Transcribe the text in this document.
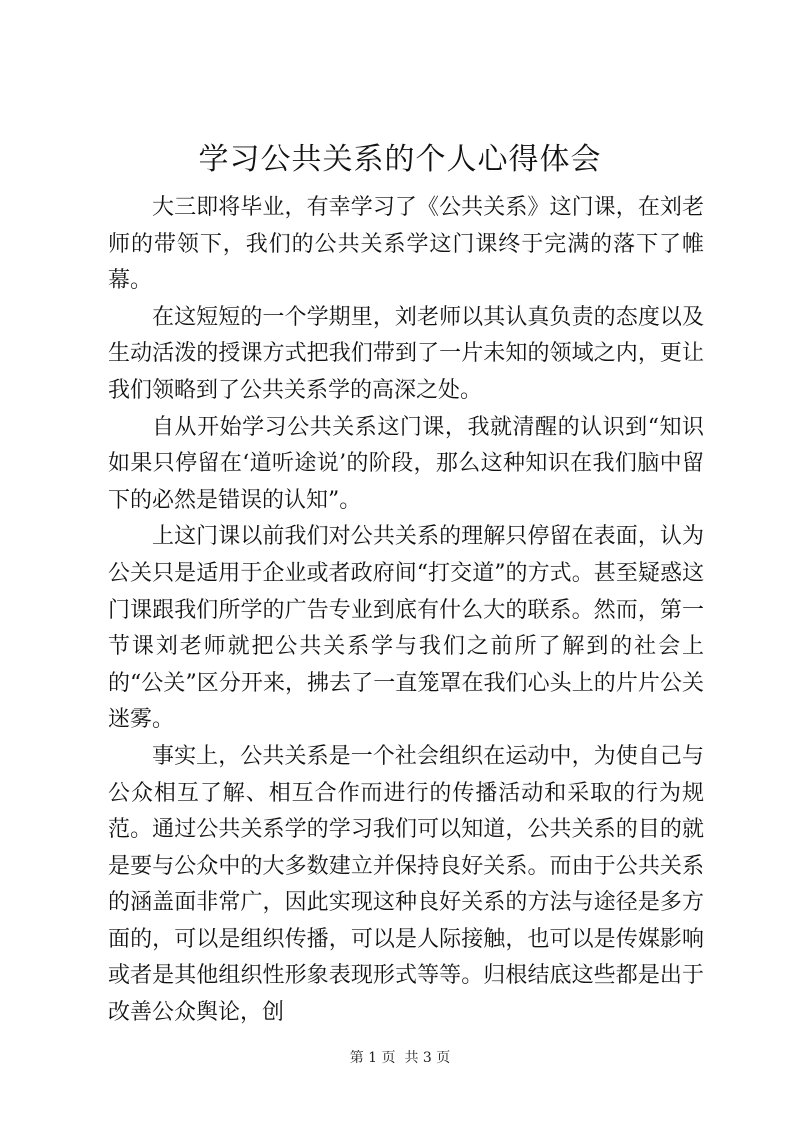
学习公共关系的个人心得体会

大三即将毕业，有幸学习了《公共关系》这门课，在刘老师的带领下，我们的公共关系学这门课终于完满的落下了帷幕。

在这短短的一个学期里，刘老师以其认真负责的态度以及生动活泼的授课方式把我们带到了一片未知的领域之内，更让我们领略到了公共关系学的高深之处。

自从开始学习公共关系这门课，我就清醒的认识到“知识如果只停留在‘道听途说’的阶段，那么这种知识在我们脑中留下的必然是错误的认知”。

上这门课以前我们对公共关系的理解只停留在表面，认为公关只是适用于企业或者政府间“打交道”的方式。甚至疑惑这门课跟我们所学的广告专业到底有什么大的联系。然而，第一节课刘老师就把公共关系学与我们之前所了解到的社会上的“公关”区分开来，拂去了一直笼罩在我们心头上的片片公关迷雾。

事实上，公共关系是一个社会组织在运动中，为使自己与公众相互了解、相互合作而进行的传播活动和采取的行为规范。通过公共关系学的学习我们可以知道，公共关系的目的就是要与公众中的大多数建立并保持良好关系。而由于公共关系的涵盖面非常广，因此实现这种良好关系的方法与途径是多方面的，可以是组织传播，可以是人际接触，也可以是传媒影响或者是其他组织性形象表现形式等等。归根结底这些都是出于改善公众舆论，创

第 1 页  共 3 页
